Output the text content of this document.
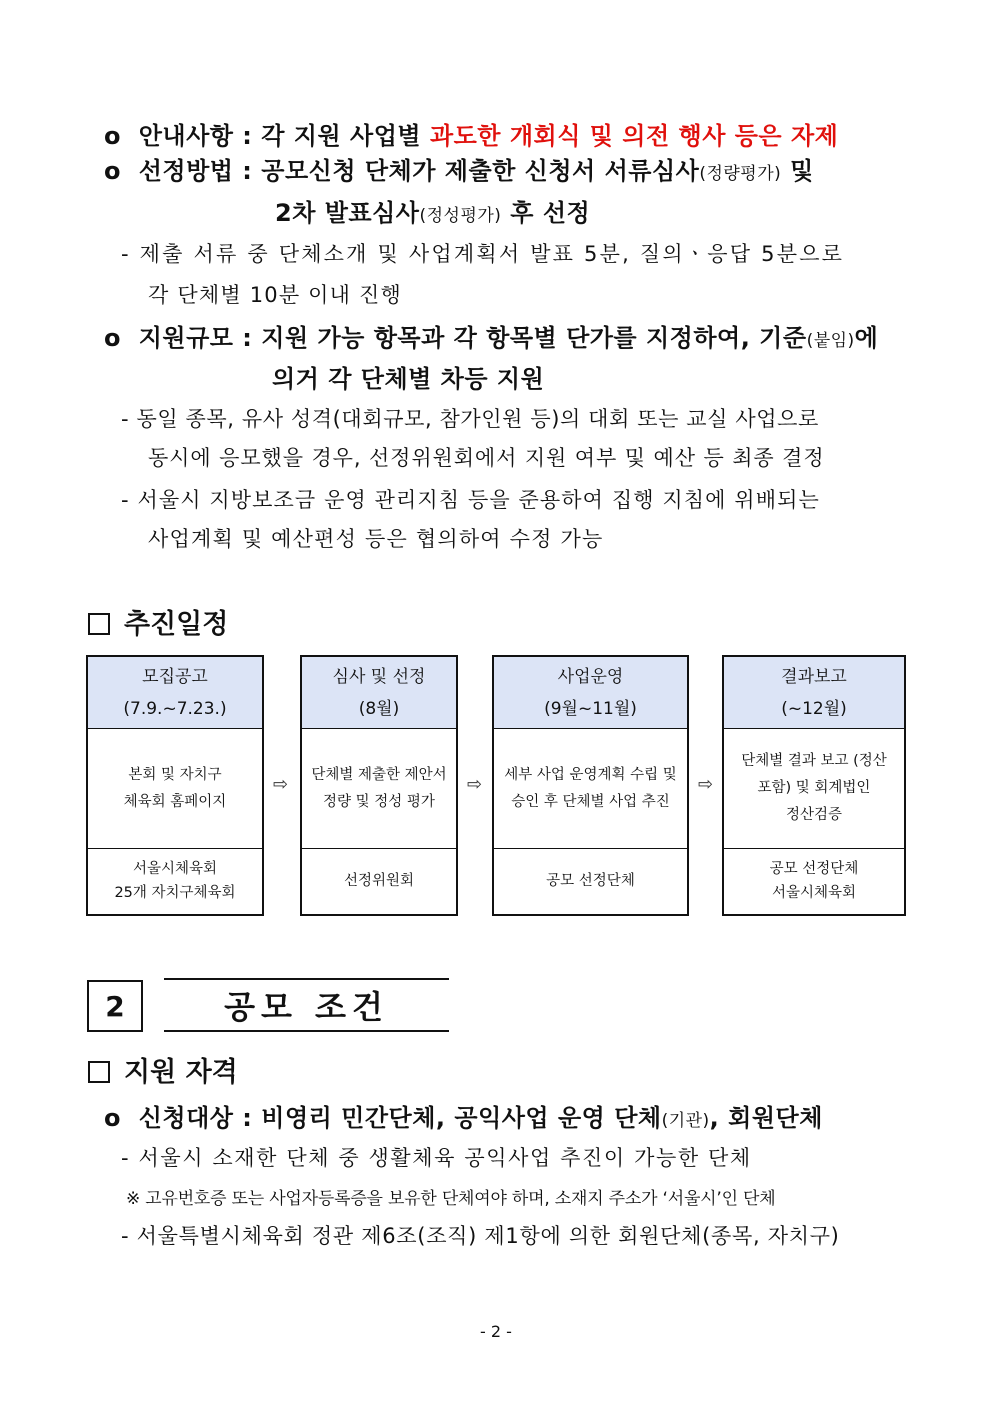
o 안내사항 : 각 지원 사업별 과도한 개회식 및 의전 행사 등은 자제
o 선정방법 : 공모신청 단체가 제출한 신청서 서류심사(정량평가) 및
2차 발표심사(정성평가) 후 선정
- 제출 서류 중 단체소개 및 사업계획서 발표 5분, 질의ㆍ응답 5분으로
각 단체별 10분 이내 진행
o 지원규모 : 지원 가능 항목과 각 항목별 단가를 지정하여, 기준(붙임)에
의거 각 단체별 차등 지원
- 동일 종목, 유사 성격(대회규모, 참가인원 등)의 대회 또는 교실 사업으로
동시에 응모했을 경우, 선정위원회에서 지원 여부 및 예산 등 최종 결정
- 서울시 지방보조금 운영 관리지침 등을 준용하여 집행 지침에 위배되는
사업계획 및 예산편성 등은 협의하여 수정 가능
추진일정
모집공고
(7.9.~7.23.)
본회 및 자치구
체육회 홈페이지
서울시체육회
25개 자치구체육회
⇨
심사 및 선정
(8월)
단체별 제출한 제안서
정량 및 정성 평가
선정위원회
⇨
사업운영
(9월~11월)
세부 사업 운영계획 수립 및
승인 후 단체별 사업 추진
공모 선정단체
⇨
결과보고
(~12월)
단체별 결과 보고 (정산
포함) 및 회계법인
정산검증
공모 선정단체
서울시체육회
2	공모 조건
지원 자격
o 신청대상 : 비영리 민간단체, 공익사업 운영 단체(기관), 회원단체
- 서울시 소재한 단체 중 생활체육 공익사업 추진이 가능한 단체
※ 고유번호증 또는 사업자등록증을 보유한 단체여야 하며, 소재지 주소가 ‘서울시’인 단체
- 서울특별시체육회 정관 제6조(조직) 제1항에 의한 회원단체(종목, 자치구)
- 2 -
